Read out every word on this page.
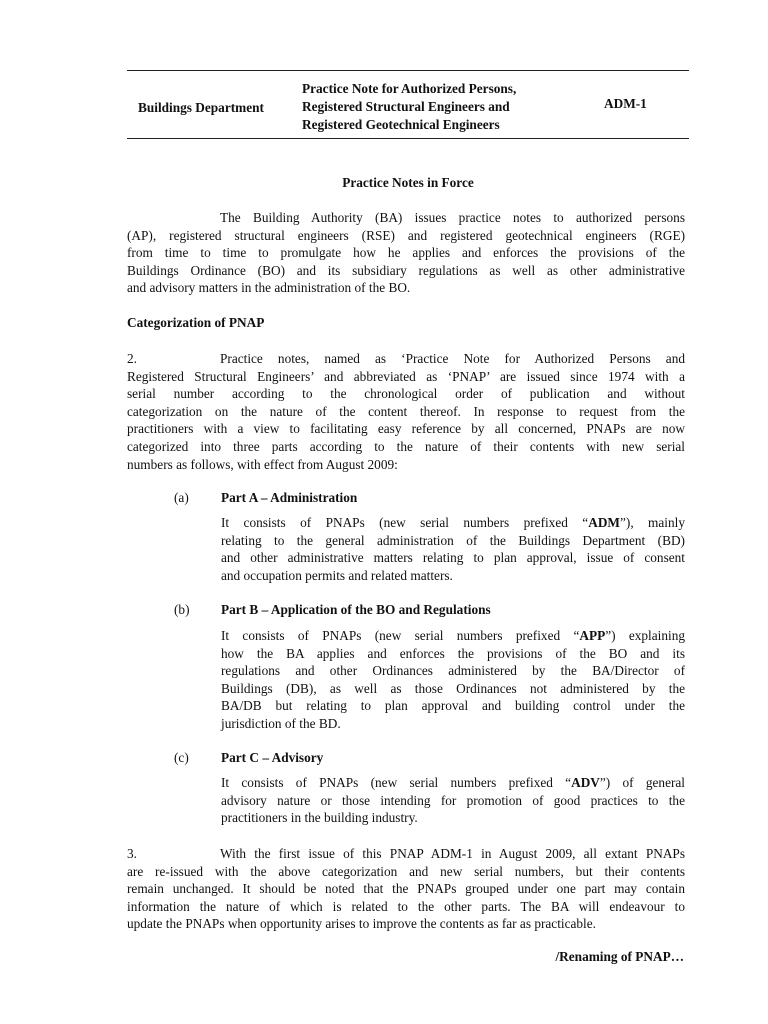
Buildings Department
Practice Note for Authorized Persons,
Registered Structural Engineers and
Registered Geotechnical Engineers
ADM-1
Practice Notes in Force
The Building Authority (BA) issues practice notes to authorized persons
(AP), registered structural engineers (RSE) and registered geotechnical engineers (RGE)
from time to time to promulgate how he applies and enforces the provisions of the
Buildings Ordinance (BO) and its subsidiary regulations as well as other administrative
and advisory matters in the administration of the BO.
Categorization of PNAP
2.	Practice notes, named as ‘Practice Note for Authorized Persons and
Registered Structural Engineers’ and abbreviated as ‘PNAP’ are issued since 1974 with a
serial number according to the chronological order of publication and without
categorization on the nature of the content thereof. In response to request from the
practitioners with a view to facilitating easy reference by all concerned, PNAPs are now
categorized into three parts according to the nature of their contents with new serial
numbers as follows, with effect from August 2009:
(a) Part A – Administration
It consists of PNAPs (new serial numbers prefixed “ADM”), mainly
relating to the general administration of the Buildings Department (BD)
and other administrative matters relating to plan approval, issue of consent
and occupation permits and related matters.
(b) Part B – Application of the BO and Regulations
It consists of PNAPs (new serial numbers prefixed “APP”) explaining
how the BA applies and enforces the provisions of the BO and its
regulations and other Ordinances administered by the BA/Director of
Buildings (DB), as well as those Ordinances not administered by the
BA/DB but relating to plan approval and building control under the
jurisdiction of the BD.
(c) Part C – Advisory
It consists of PNAPs (new serial numbers prefixed “ADV”) of general
advisory nature or those intending for promotion of good practices to the
practitioners in the building industry.
3.	With the first issue of this PNAP ADM-1 in August 2009, all extant PNAPs
are re-issued with the above categorization and new serial numbers, but their contents
remain unchanged. It should be noted that the PNAPs grouped under one part may contain
information the nature of which is related to the other parts. The BA will endeavour to
update the PNAPs when opportunity arises to improve the contents as far as practicable.
/Renaming of PNAP…
